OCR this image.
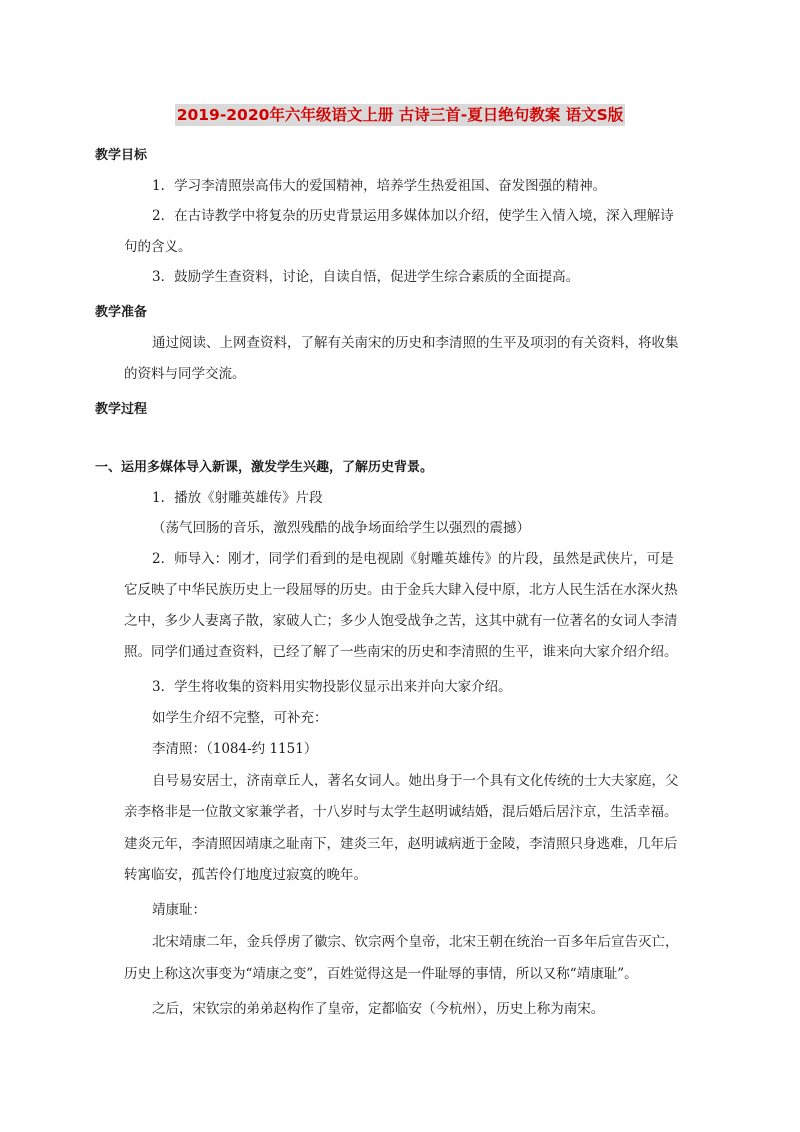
2019-2020年六年级语文上册 古诗三首-夏日绝句教案 语文S版
教学目标
1．学习李清照崇高伟大的爱国精神，培养学生热爱祖国、奋发图强的精神。
2．在古诗教学中将复杂的历史背景运用多媒体加以介绍，使学生入情入境，深入理解诗
句的含义。
3．鼓励学生查资料，讨论，自读自悟，促进学生综合素质的全面提高。
教学准备
通过阅读、上网查资料，了解有关南宋的历史和李清照的生平及项羽的有关资料，将收集
的资料与同学交流。
教学过程
一、运用多媒体导入新课，激发学生兴趣，了解历史背景。
1．播放《射雕英雄传》片段
（荡气回肠的音乐，激烈残酷的战争场面给学生以强烈的震撼）
2．师导入：刚才，同学们看到的是电视剧《射雕英雄传》的片段，虽然是武侠片，可是
它反映了中华民族历史上一段屈辱的历史。由于金兵大肆入侵中原，北方人民生活在水深火热
之中，多少人妻离子散，家破人亡；多少人饱受战争之苦，这其中就有一位著名的女词人李清
照。同学们通过查资料，已经了解了一些南宋的历史和李清照的生平，谁来向大家介绍介绍。
3．学生将收集的资料用实物投影仪显示出来并向大家介绍。
如学生介绍不完整，可补充：
李清照：（1084-约 1151）
自号易安居士，济南章丘人，著名女词人。她出身于一个具有文化传统的士大夫家庭，父
亲李格非是一位散文家兼学者，十八岁时与太学生赵明诚结婚，混后婚后居汴京，生活幸福。
建炎元年，李清照因靖康之耻南下，建炎三年，赵明诚病逝于金陵，李清照只身逃难，几年后
转寓临安，孤苦伶仃地度过寂寞的晚年。
靖康耻：
北宋靖康二年，金兵俘虏了徽宗、钦宗两个皇帝，北宋王朝在统治一百多年后宣告灭亡，
历史上称这次事变为“靖康之变”，百姓觉得这是一件耻辱的事情，所以又称“靖康耻”。
之后，宋钦宗的弟弟赵构作了皇帝，定都临安（今杭州），历史上称为南宋。
